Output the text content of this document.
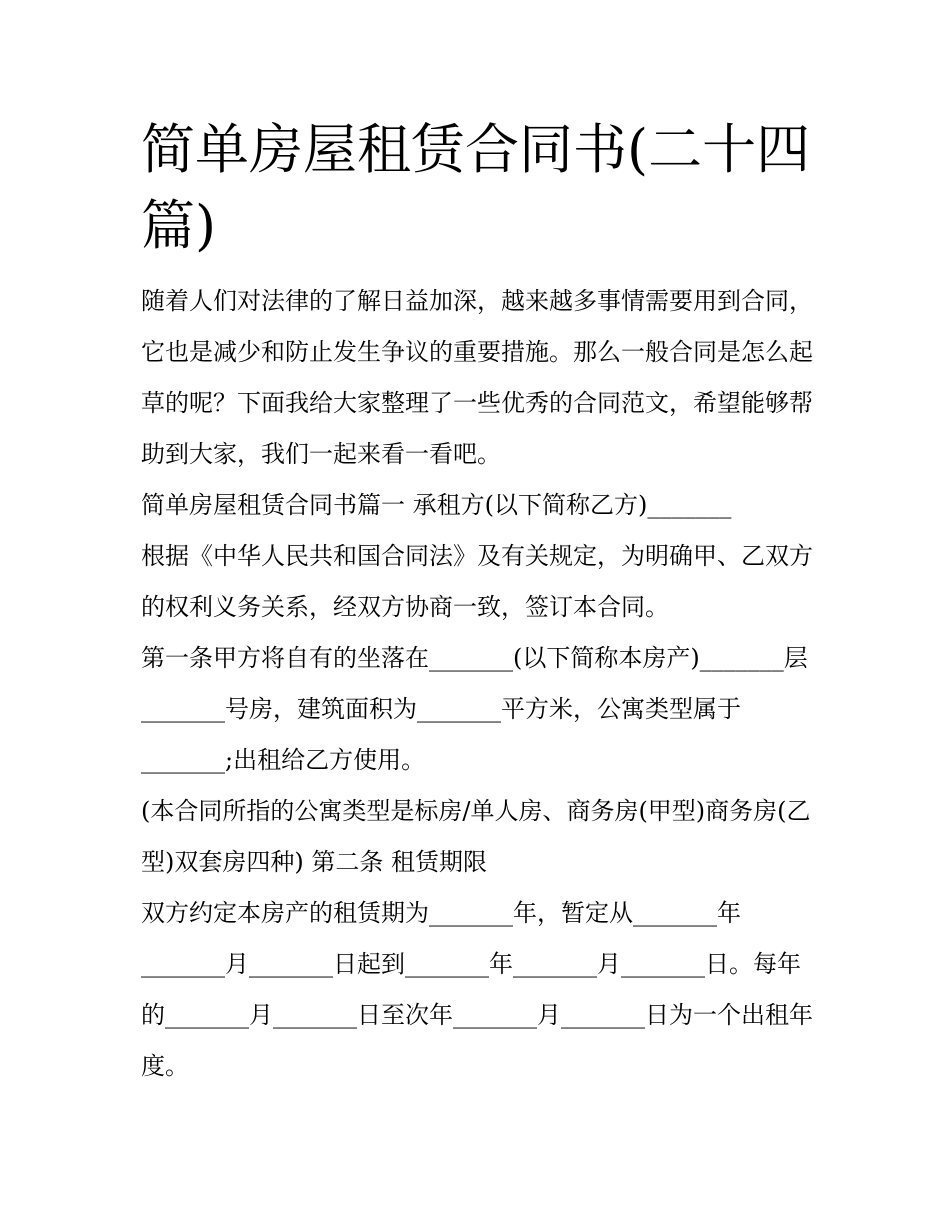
简单房屋租赁合同书(二十四篇)

随着人们对法律的了解日益加深，越来越多事情需要用到合同，它也是减少和防止发生争议的重要措施。那么一般合同是怎么起草的呢？下面我给大家整理了一些优秀的合同范文，希望能够帮助到大家，我们一起来看一看吧。

简单房屋租赁合同书篇一 承租方(以下简称乙方)_______

根据《中华人民共和国合同法》及有关规定，为明确甲、乙双方的权利义务关系，经双方协商一致，签订本合同。

第一条甲方将自有的坐落在_______(以下简称本房产)_______层_______号房，建筑面积为_______平方米，公寓类型属于_______;出租给乙方使用。

(本合同所指的公寓类型是标房/单人房、商务房(甲型)商务房(乙型)双套房四种) 第二条 租赁期限

双方约定本房产的租赁期为_______年，暂定从_______年_______月_______日起到_______年_______月_______日。每年的_______月_______日至次年_______月_______日为一个出租年度。
